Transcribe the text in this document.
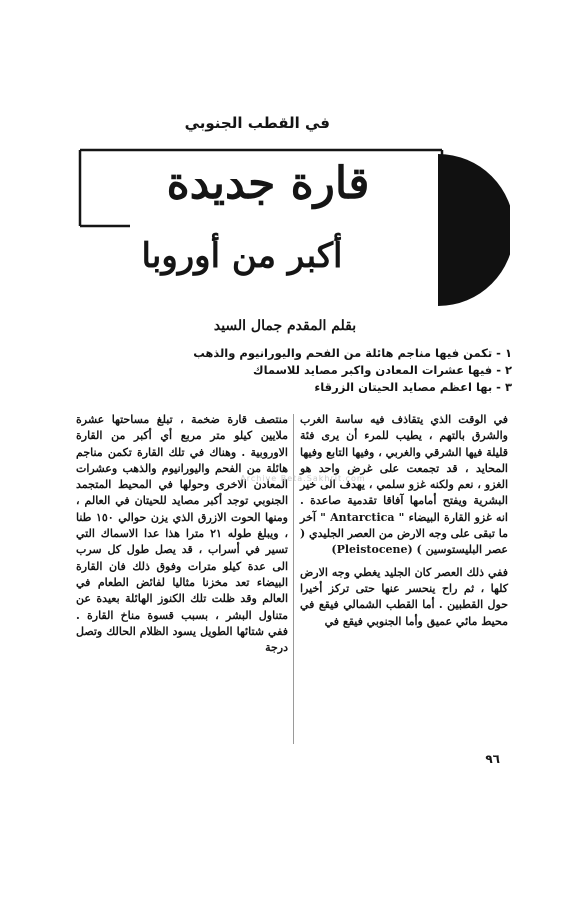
في القطب الجنوبي
قارة جديدة
أكبر من أوروبا
بقلم المقدم جمال السيد
١ - تكمن فيها مناجم هائلة من الفحم واليورانيوم والذهب
٢ - فيها عشرات المعادن واكبر مصايد للاسماك
٣ - بها اعظم مصايد الحيتان الزرقاء

في الوقت الذي يتقاذف فيه ساسة الغرب والشرق بالتهم ، يطيب للمرء أن يرى فئة قليلة فيها الشرقي والغربي ، وفيها التابع وفيها المحايد ، قد تجمعت على غرض واحد هو الغزو ، نعم ولكنه غزو سلمي ، يهدف الى خير البشرية ويفتح أمامها آفاقا تقدمية صاعدة . انه غزو القارة البيضاء " Antarctica " آخر ما تبقى على وجه الارض من العصر الجليدي ( عصر البليستوسين ) (Pleistocene)

ففي ذلك العصر كان الجليد يغطي وجه الارض كلها ، ثم راح ينحسر عنها حتى تركز أخيرا حول القطبين . أما القطب الشمالي فيقع في محيط مائي عميق وأما الجنوبي فيقع في

منتصف قارة ضخمة ، تبلغ مساحتها عشرة ملايين كيلو متر مربع أي أكبر من القارة الاوروبية . وهناك في تلك القارة تكمن مناجم هائلة من الفحم واليورانيوم والذهب وعشرات المعادن الاخرى وحولها في المحيط المتجمد الجنوبي توجد أكبر مصايد للحيتان في العالم ، ومنها الحوت الازرق الذي يزن حوالي ١٥٠ طنا ، ويبلغ طوله ٢١ مترا هذا عدا الاسماك التي تسير في أسراب ، قد يصل طول كل سرب الى عدة كيلو مترات وفوق ذلك فان القارة البيضاء تعد مخزنا مثاليا لفائض الطعام في العالم وقد ظلت تلك الكنوز الهائلة بعيدة عن متناول البشر ، بسبب قسوة مناخ القارة . ففي شتائها الطويل يسود الظلام الحالك وتصل درجة

Archive Beta.Sakhrit.com
٩٦
